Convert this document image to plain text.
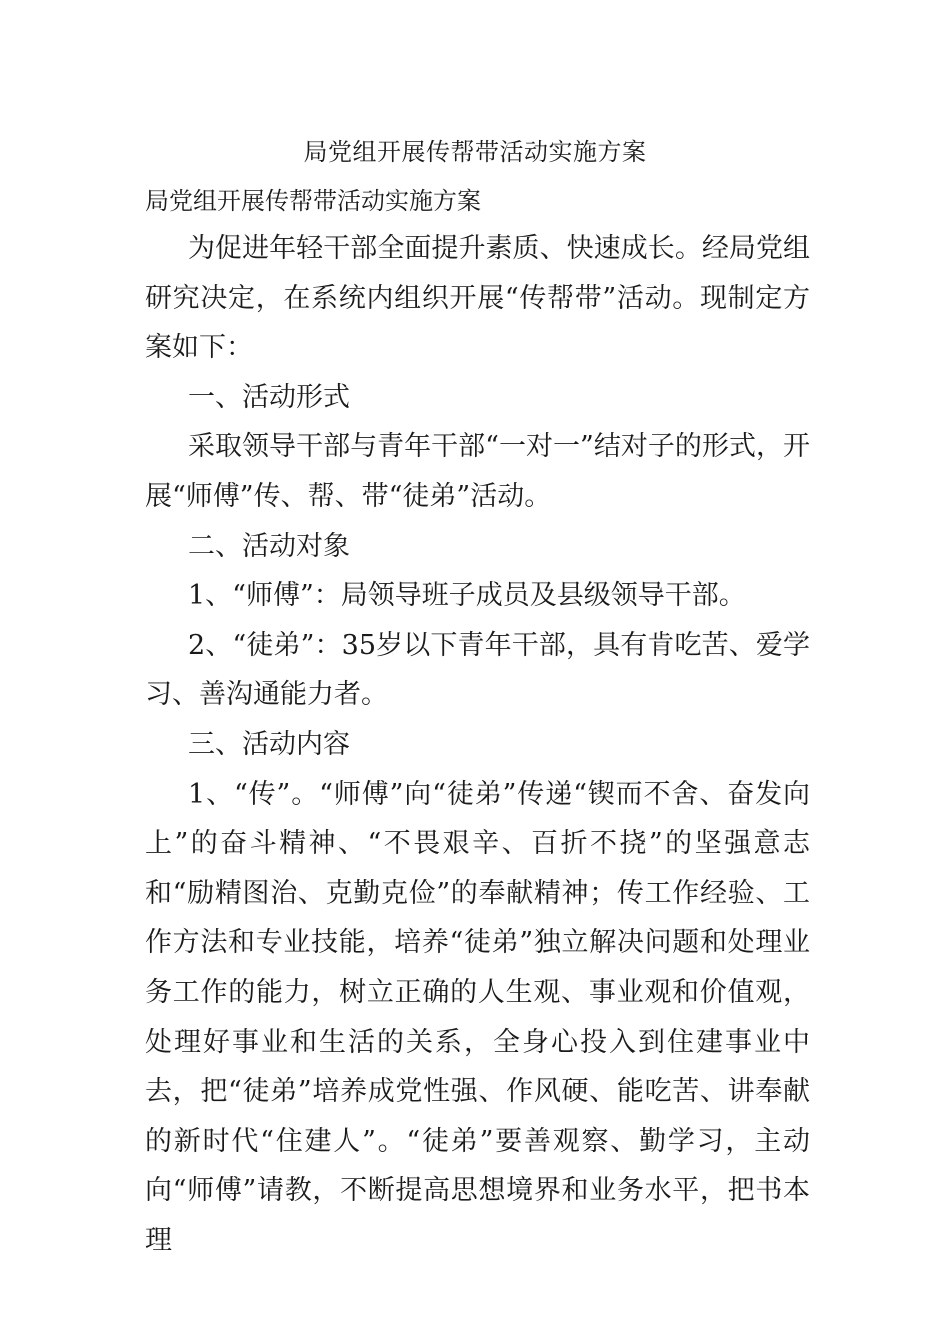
局党组开展传帮带活动实施方案

局党组开展传帮带活动实施方案

为促进年轻干部全面提升素质、快速成长。经局党组研究决定，在系统内组织开展“传帮带”活动。现制定方案如下：

一、活动形式

采取领导干部与青年干部“一对一”结对子的形式，开展“师傅”传、帮、带“徒弟”活动。

二、活动对象

1、“师傅”：局领导班子成员及县级领导干部。

2、“徒弟”：35岁以下青年干部，具有肯吃苦、爱学习、善沟通能力者。

三、活动内容

1、“传”。“师傅”向“徒弟”传递“锲而不舍、奋发向上”的奋斗精神、“不畏艰辛、百折不挠”的坚强意志和“励精图治、克勤克俭”的奉献精神；传工作经验、工作方法和专业技能，培养“徒弟”独立解决问题和处理业务工作的能力，树立正确的人生观、事业观和价值观，处理好事业和生活的关系，全身心投入到住建事业中去，把“徒弟”培养成党性强、作风硬、能吃苦、讲奉献的新时代“住建人”。“徒弟”要善观察、勤学习，主动向“师傅”请教，不断提高思想境界和业务水平，把书本理
